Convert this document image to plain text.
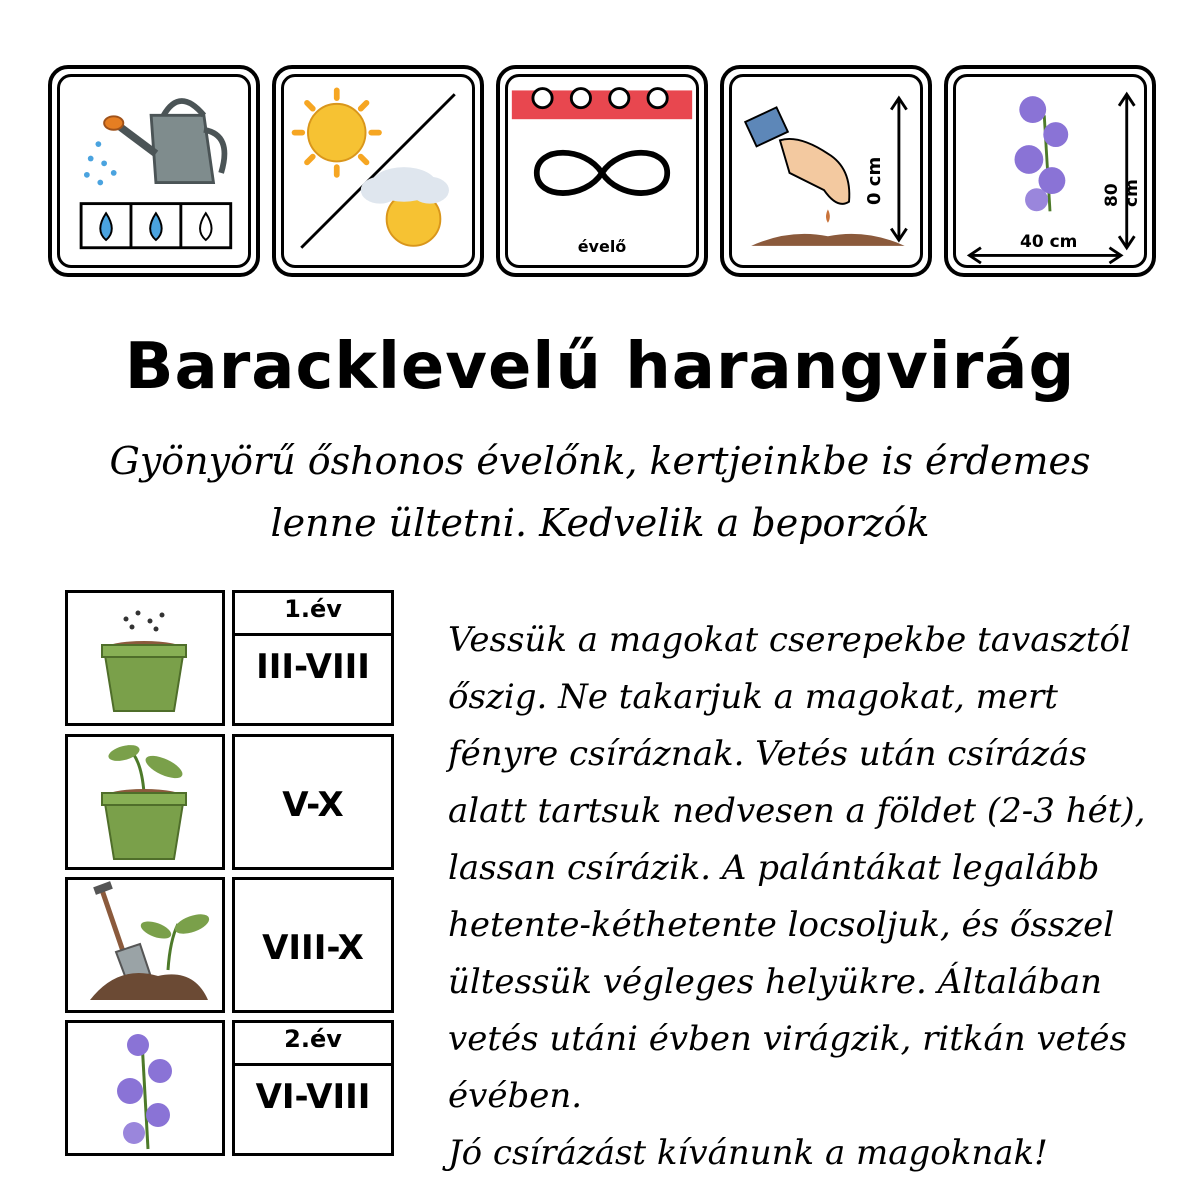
évelő
0 cm	80 cm
40 cm
Baracklevelű harangvirág
Gyönyörű őshonos évelőnk, kertjeinkbe is érdemes lenne ültetni. Kedvelik a beporzók
1.év
III-VIII
V-X
VIII-X
2.év
VI-VIII

Vessük a magokat cserepekbe tavasztól őszig. Ne takarjuk a magokat, mert fényre csíráznak. Vetés után csírázás alatt tartsuk nedvesen a földet (2-3 hét), lassan csírázik. A palántákat legalább hetente-kéthetente locsoljuk, és ősszel ültessük végleges helyükre. Általában vetés utáni évben virágzik, ritkán vetés évében.

Jó csírázást kívánunk a magoknak!
